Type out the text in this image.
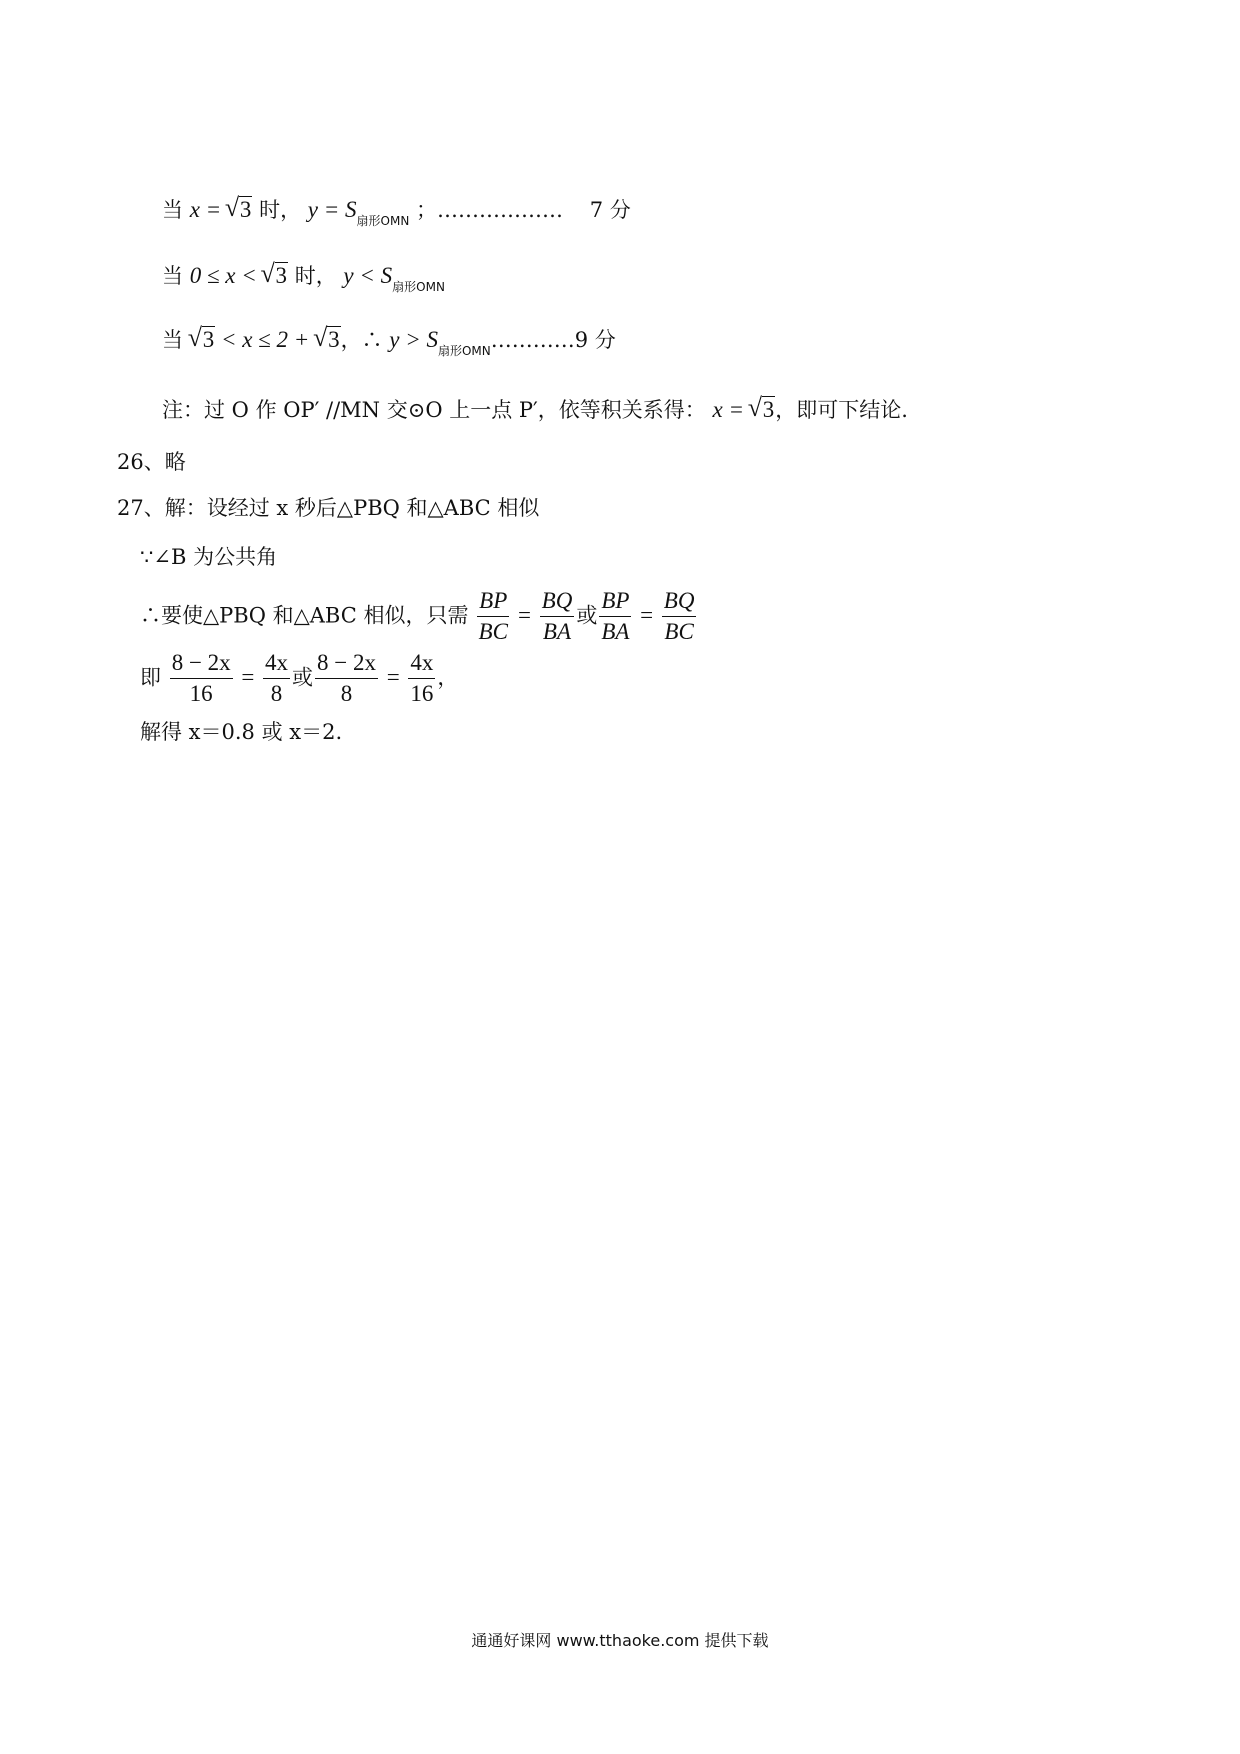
当 x = √ 3 时， $y = S_{扇形OMN}$ ；……………… 7 分
当 0 ≤ x < √ 3 时， $y < S_{扇形OMN}$
当 √ 3 < x ≤ 2 + √ 3，∴ $y > S_{扇形OMN}\dots\dots\dots\dots 9$ 分
注：过 O 作 OP′ //MN 交⊙O 上一点 P′，依等积关系得： x = √ 3，即可下结论.
26、略
27、解：设经过 x 秒后△PBQ 和△ABC 相似
∵∠B 为公共角
∴要使△PBQ 和△ABC 相似，只需 $\frac{BP}{BC} = \frac{BQ}{BA}$ 或 $\frac{BP}{BA} = \frac{BQ}{BC}$
即 $\frac{8 - 2x}{16} = \frac{4x}{8}$ 或 $\frac{8 - 2x}{8} = \frac{4x}{16}$ ，
解得 x＝0.8 或 x＝2.
通通好课网 www.tthaoke.com 提供下载
